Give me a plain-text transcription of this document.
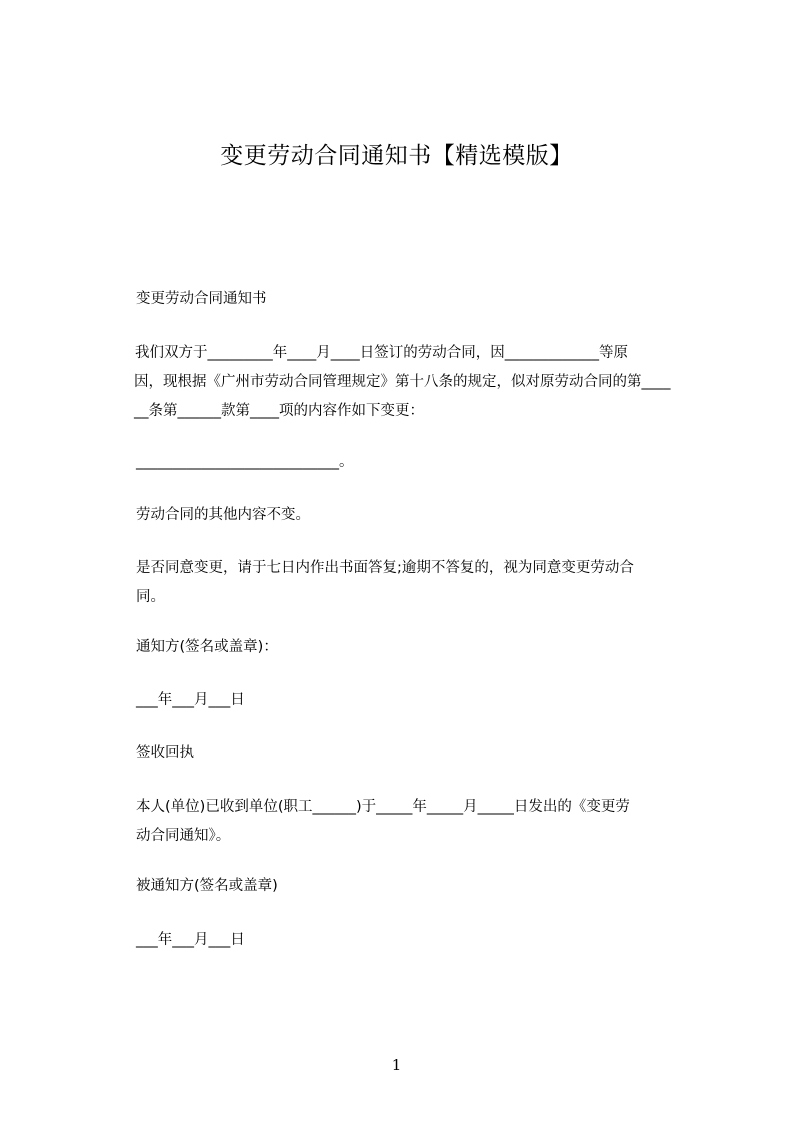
变更劳动合同通知书【精选模版】
变更劳动合同通知书
我们双方于_________年____月____日签订的劳动合同，因_____________等原
因，现根据《广州市劳动合同管理规定》第十八条的规定，似对原劳动合同的第____
__条第______款第____项的内容作如下变更：
____________________________。
劳动合同的其他内容不变。
是否同意变更，请于七日内作出书面答复;逾期不答复的，视为同意变更劳动合
同。
通知方(签名或盖章)：
___年___月___日
签收回执
本人(单位)已收到单位(职工______)于_____年_____月_____日发出的《变更劳
动合同通知》。
被通知方(签名或盖章)
___年___月___日
1
